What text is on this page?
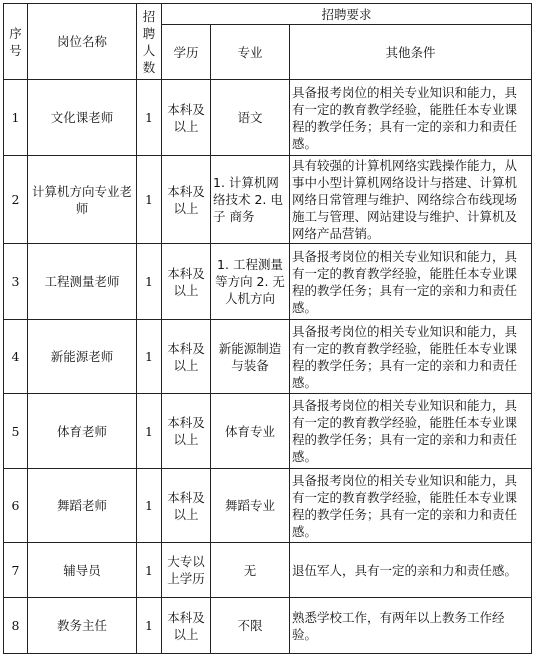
序号	岗位名称	招聘人数	招聘要求		
			学历	专业	其他条件
1	文化课老师	1	本科及以上	语文	具备报考岗位的相关专业知识和能力，具有一定的教育教学经验，能胜任本专业课程的教学任务；具有一定的亲和力和责任感。
2	计算机方向专业老师	1	本科及以上	1. 计算机网络技术 2. 电 子 商务	具有较强的计算机网络实践操作能力，从事中小型计算机网络设计与搭建、计算机网络日常管理与维护、网络综合布线现场施工与管理、网站建设与维护、计算机及网络产品营销。
3	工程测量老师	1	本科及以上	1. 工程测量等方向 2. 无人机方向	具备报考岗位的相关专业知识和能力，具有一定的教育教学经验，能胜任本专业课程的教学任务；具有一定的亲和力和责任感。
4	新能源老师	1	本科及以上	新能源制造与装备	具备报考岗位的相关专业知识和能力，具有一定的教育教学经验，能胜任本专业课程的教学任务；具有一定的亲和力和责任感。
5	体育老师	1	本科及以上	体育专业	具备报考岗位的相关专业知识和能力，具有一定的教育教学经验，能胜任本专业课程的教学任务；具有一定的亲和力和责任感。
6	舞蹈老师	1	本科及以上	舞蹈专业	具备报考岗位的相关专业知识和能力，具有一定的教育教学经验，能胜任本专业课程的教学任务；具有一定的亲和力和责任感。
7	辅导员	1	大专以上学历	无	退伍军人，具有一定的亲和力和责任感。
8	教务主任	1	本科及以上	不限	熟悉学校工作，有两年以上教务工作经验。
